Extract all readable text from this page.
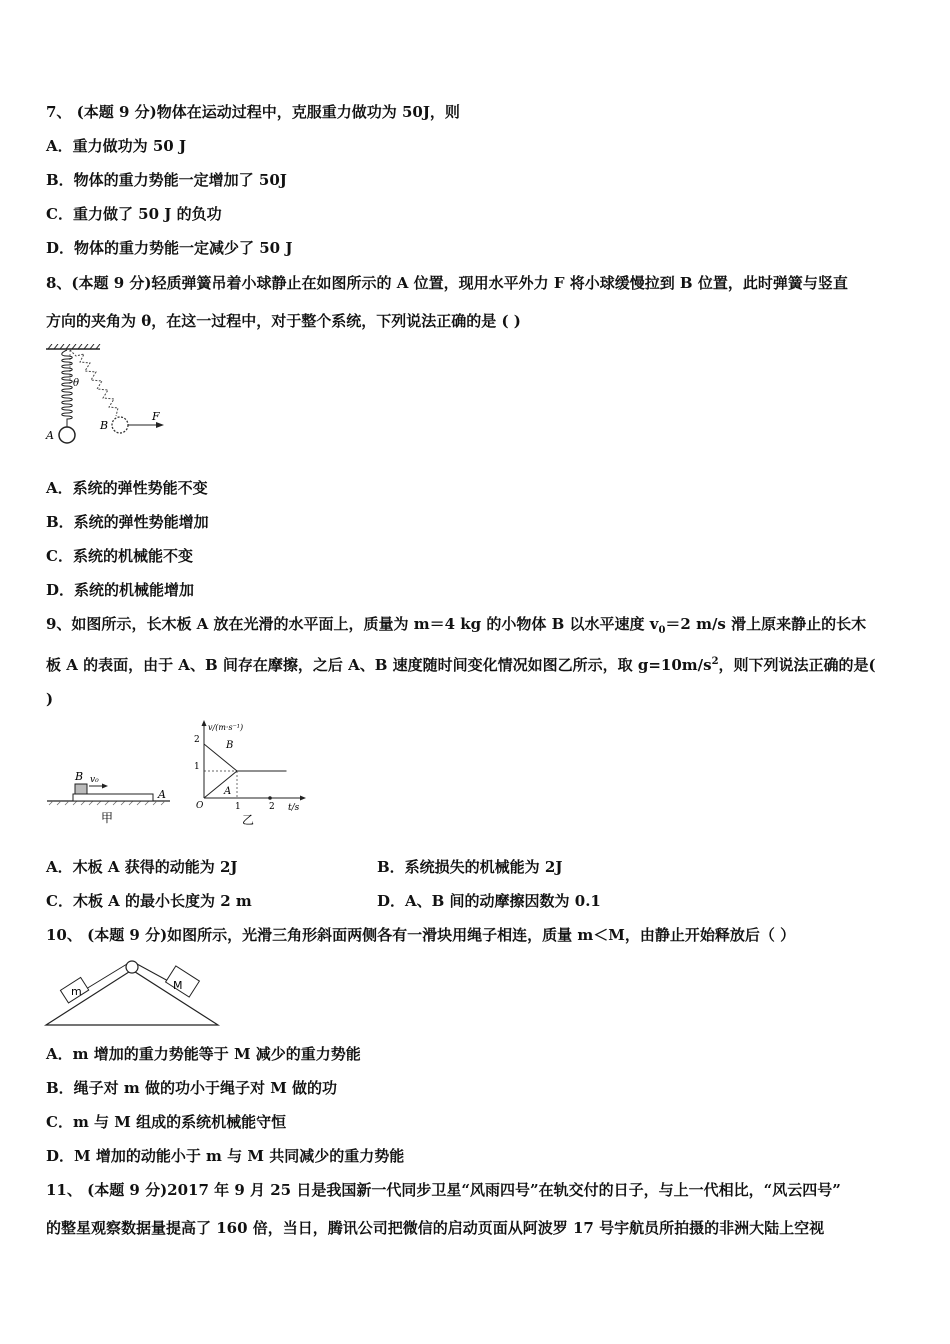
7、 (本题 9 分)物体在运动过程中，克服重力做功为 50J，则
A．重力做功为 50 J
B．物体的重力势能一定增加了 50J
C．重力做了 50 J 的负功
D．物体的重力势能一定减少了 50 J
8、(本题 9 分)轻质弹簧吊着小球静止在如图所示的 A 位置，现用水平外力 F 将小球缓慢拉到 B 位置，此时弹簧与竖直
方向的夹角为 θ，在这一过程中，对于整个系统，下列说法正确的是 ( )
θ
A
B
F
A．系统的弹性势能不变
B．系统的弹性势能增加
C．系统的机械能不变
D．系统的机械能增加
9、如图所示，长木板 A 放在光滑的水平面上，质量为 m＝4 kg 的小物体 B 以水平速度 $v_0=2$ m/s 滑上原来静止的长木
板 A 的表面，由于 A、B 间存在摩擦，之后 A、B 速度随时间变化情况如图乙所示，取 $g=10m/s^2$，则下列说法正确的是(
)
B v₀
A
甲
v/(m·s⁻¹)
t/s
2
1
O	1	2
B
A
乙
A．木板 A 获得的动能为 2J	B．系统损失的机械能为 2J
C．木板 A 的最小长度为 2 m	D．A、B 间的动摩擦因数为 0.1
10、 (本题 9 分)如图所示，光滑三角形斜面两侧各有一滑块用绳子相连，质量 m＜M，由静止开始释放后（ ）
m	M
A．m 增加的重力势能等于 M 减少的重力势能
B．绳子对 m 做的功小于绳子对 M 做的功
C．m 与 M 组成的系统机械能守恒
D．M 增加的动能小于 m 与 M 共同减少的重力势能
11、 (本题 9 分)2017 年 9 月 25 日是我国新一代同步卫星“风雨四号”在轨交付的日子，与上一代相比，“风云四号”
的整星观察数据量提高了 160 倍，当日，腾讯公司把微信的启动页面从阿波罗 17 号宇航员所拍摄的非洲大陆上空视
